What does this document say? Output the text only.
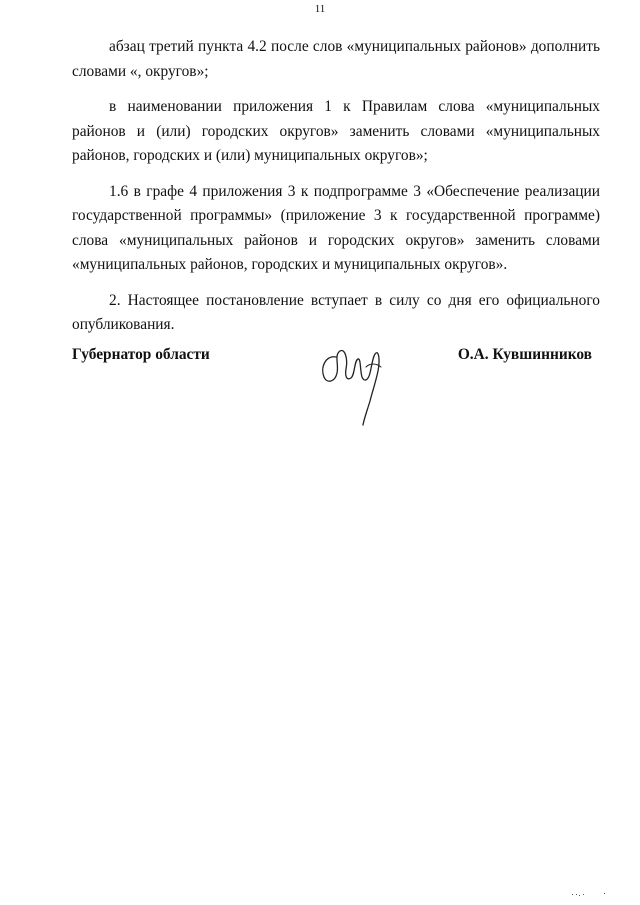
11

абзац третий пункта 4.2 после слов «муниципальных районов» дополнить словами «, округов»;

в наименовании приложения 1 к Правилам слова «муниципальных районов и (или) городских округов» заменить словами «муниципальных районов, городских и (или) муниципальных округов»;

1.6 в графе 4 приложения 3 к подпрограмме 3 «Обеспечение реализации государственной программы» (приложение 3 к государственной программе) слова «муниципальных районов и городских округов» заменить словами «муниципальных районов, городских и муниципальных округов».

2. Настоящее постановление вступает в силу со дня его официального опубликования.

Губернатор области	О.А. Кувшинников
